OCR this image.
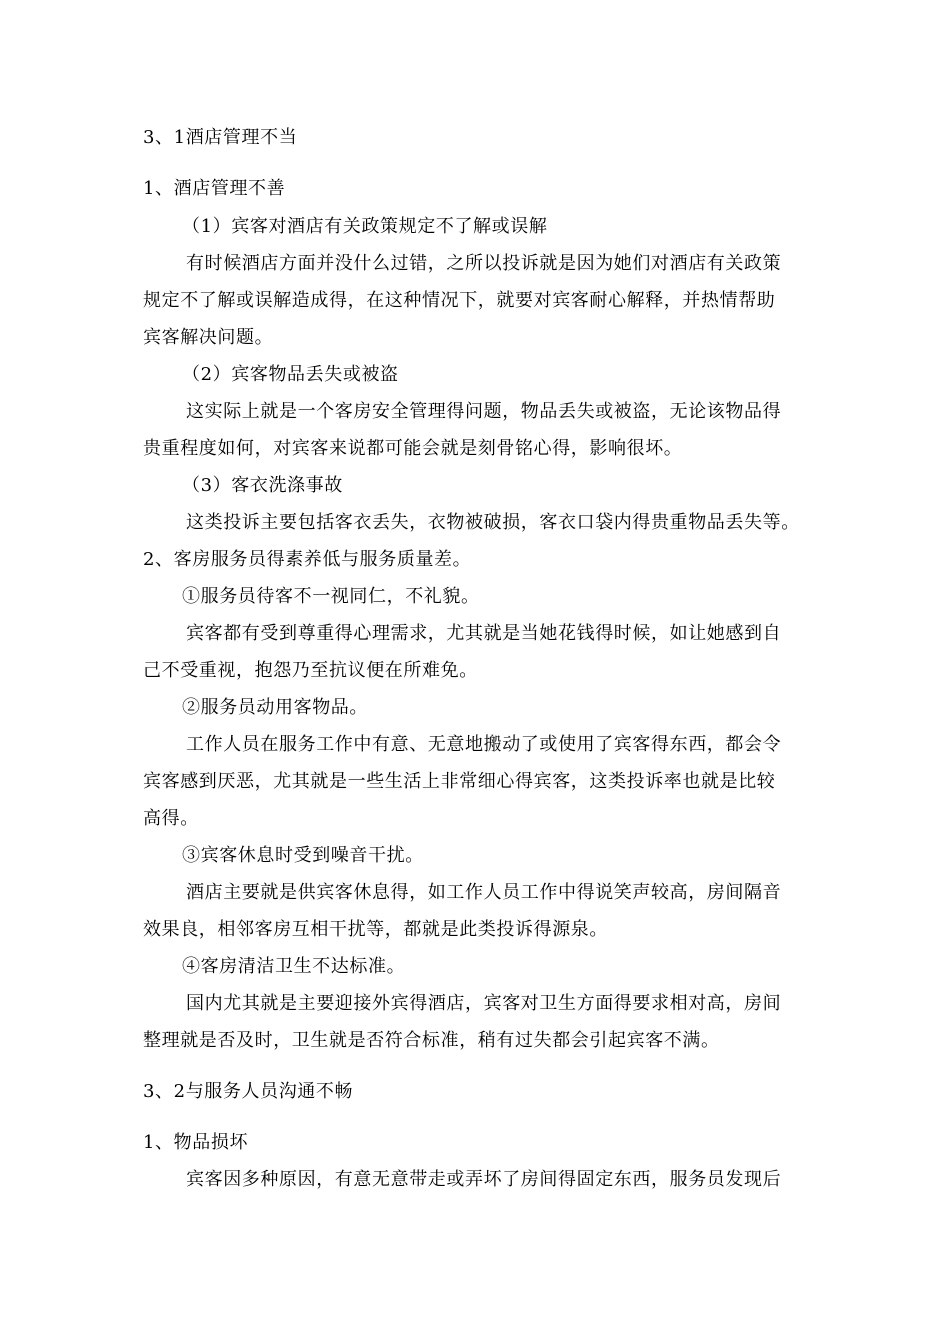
3、1酒店管理不当
1、酒店管理不善
（1）宾客对酒店有关政策规定不了解或误解
有时候酒店方面并没什么过错，之所以投诉就是因为她们对酒店有关政策
规定不了解或误解造成得，在这种情况下，就要对宾客耐心解释，并热情帮助
宾客解决问题。
（2）宾客物品丢失或被盗
这实际上就是一个客房安全管理得问题，物品丢失或被盗，无论该物品得
贵重程度如何，对宾客来说都可能会就是刻骨铭心得，影响很坏。
（3）客衣洗涤事故
这类投诉主要包括客衣丢失，衣物被破损，客衣口袋内得贵重物品丢失等。
2、客房服务员得素养低与服务质量差。
①服务员待客不一视同仁，不礼貌。
宾客都有受到尊重得心理需求，尤其就是当她花钱得时候，如让她感到自
己不受重视，抱怨乃至抗议便在所难免。
②服务员动用客物品。
工作人员在服务工作中有意、无意地搬动了或使用了宾客得东西，都会令
宾客感到厌恶，尤其就是一些生活上非常细心得宾客，这类投诉率也就是比较
高得。
③宾客休息时受到噪音干扰。
酒店主要就是供宾客休息得，如工作人员工作中得说笑声较高，房间隔音
效果良，相邻客房互相干扰等，都就是此类投诉得源泉。
④客房清洁卫生不达标准。
国内尤其就是主要迎接外宾得酒店，宾客对卫生方面得要求相对高，房间
整理就是否及时，卫生就是否符合标准，稍有过失都会引起宾客不满。
3、2与服务人员沟通不畅
1、物品损坏
宾客因多种原因，有意无意带走或弄坏了房间得固定东西，服务员发现后
